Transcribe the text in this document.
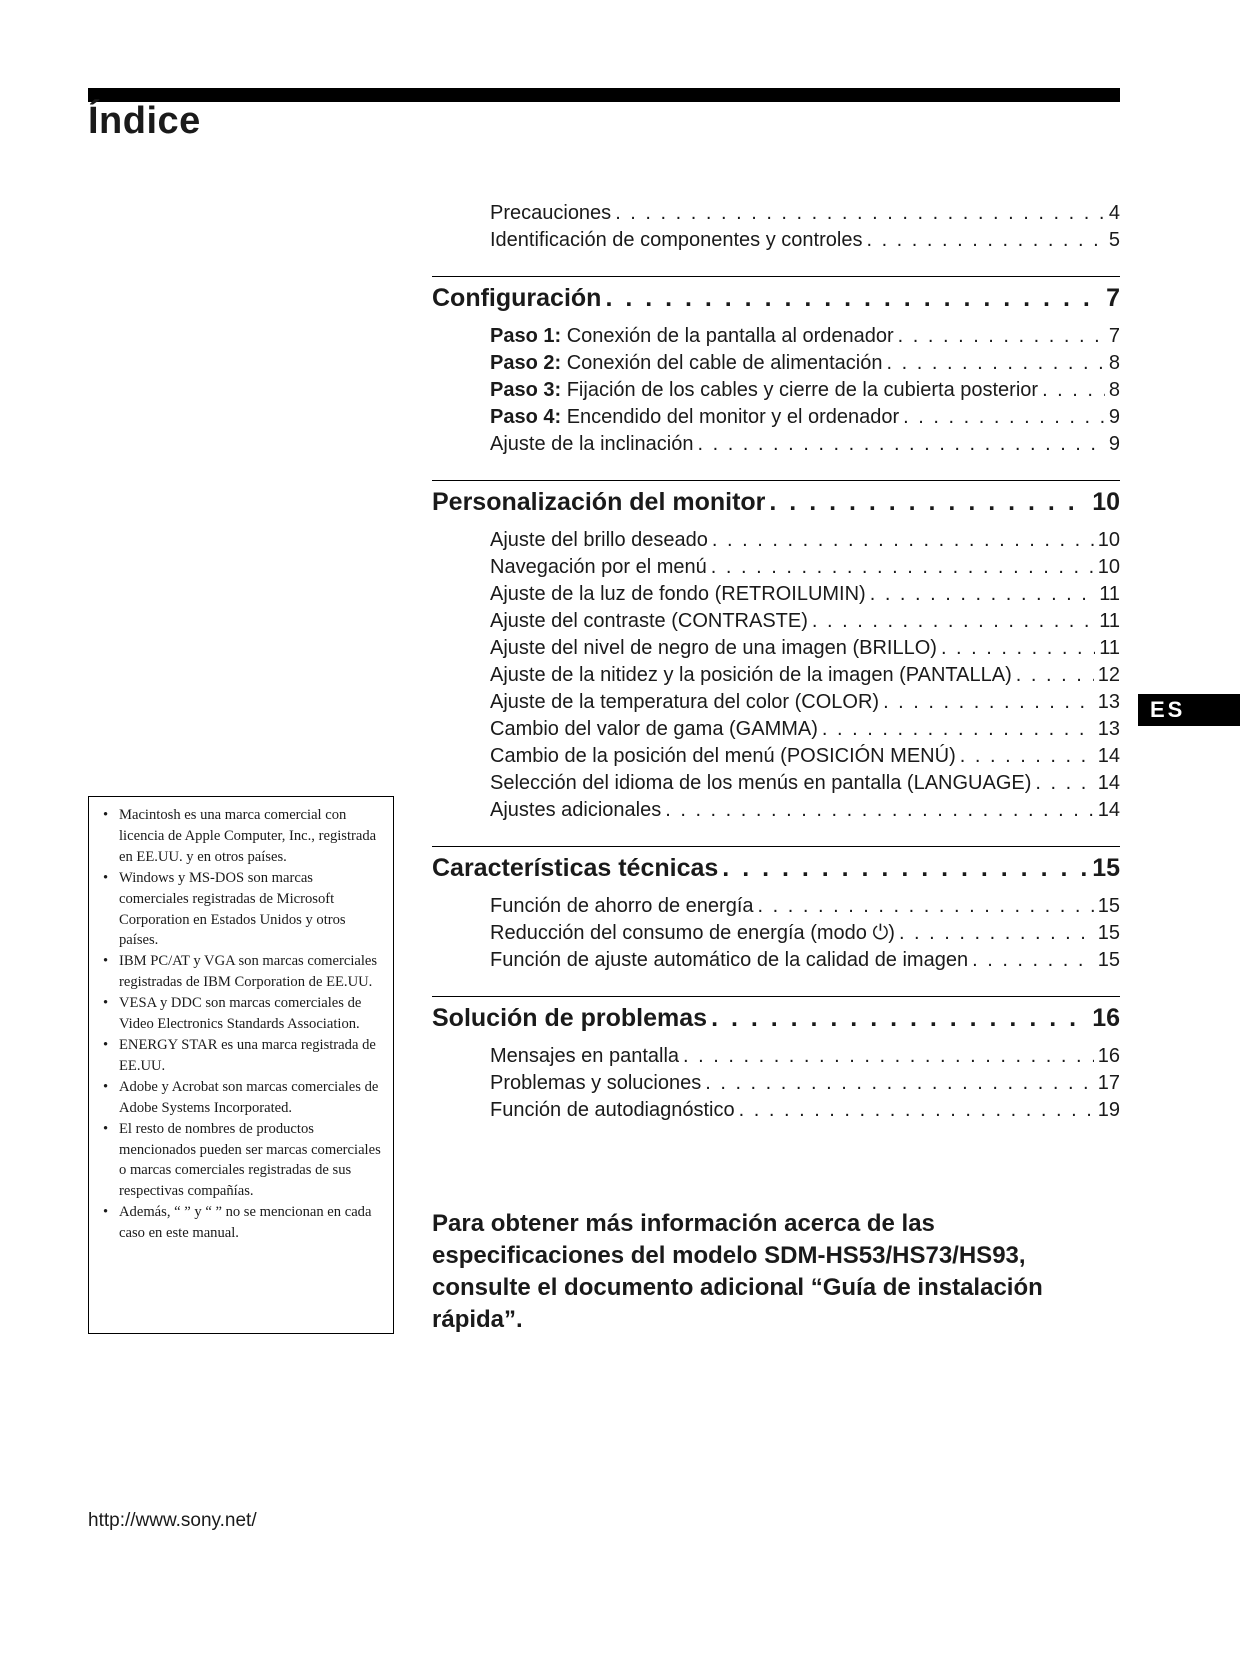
Índice
Precauciones . . .	4
Identificación de componentes y controles . . .	5
Configuración . . .	7
Paso 1: Conexión de la pantalla al ordenador . . .	7
Paso 2: Conexión del cable de alimentación . . .	8
Paso 3: Fijación de los cables y cierre de la cubierta posterior . . .	8
Paso 4: Encendido del monitor y el ordenador . . .	9
Ajuste de la inclinación . . .	9
Personalización del monitor . . .	10
Ajuste del brillo deseado . . .	10
Navegación por el menú . . .	10
Ajuste de la luz de fondo (RETROILUMIN) . . .	11
Ajuste del contraste (CONTRASTE) . . .	11
Ajuste del nivel de negro de una imagen (BRILLO) . . .	11
Ajuste de la nitidez y la posición de la imagen (PANTALLA) . . .	12
Ajuste de la temperatura del color (COLOR) . . .	13
Cambio del valor de gama (GAMMA) . . .	13
Cambio de la posición del menú (POSICIÓN MENÚ) . . .	14
Selección del idioma de los menús en pantalla (LANGUAGE) . . .	14
Ajustes adicionales . . .	14
Características técnicas . . .	15
Función de ahorro de energía . . .	15
Reducción del consumo de energía (modo ⏻) . . .	15
Función de ajuste automático de la calidad de imagen . . .	15
Solución de problemas . . .	16
Mensajes en pantalla . . .	16
Problemas y soluciones . . .	17
Función de autodiagnóstico . . .	19

Para obtener más información acerca de las especificaciones del modelo SDM-HS53/HS73/HS93, consulte el documento adicional “Guía de instalación rápida”.

• Macintosh es una marca comercial con licencia de Apple Computer, Inc., registrada en EE.UU. y en otros países.
• Windows y MS-DOS son marcas comerciales registradas de Microsoft Corporation en Estados Unidos y otros países.
• IBM PC/AT y VGA son marcas comerciales registradas de IBM Corporation de EE.UU.
• VESA y DDC son marcas comerciales de Video Electronics Standards Association.
• ENERGY STAR es una marca registrada de EE.UU.
• Adobe y Acrobat son marcas comerciales de Adobe Systems Incorporated.
• El resto de nombres de productos mencionados pueden ser marcas comerciales o marcas comerciales registradas de sus respectivas compañías.
• Además, “ ” y “ ” no se mencionan en cada caso en este manual.
ES
http://www.sony.net/
